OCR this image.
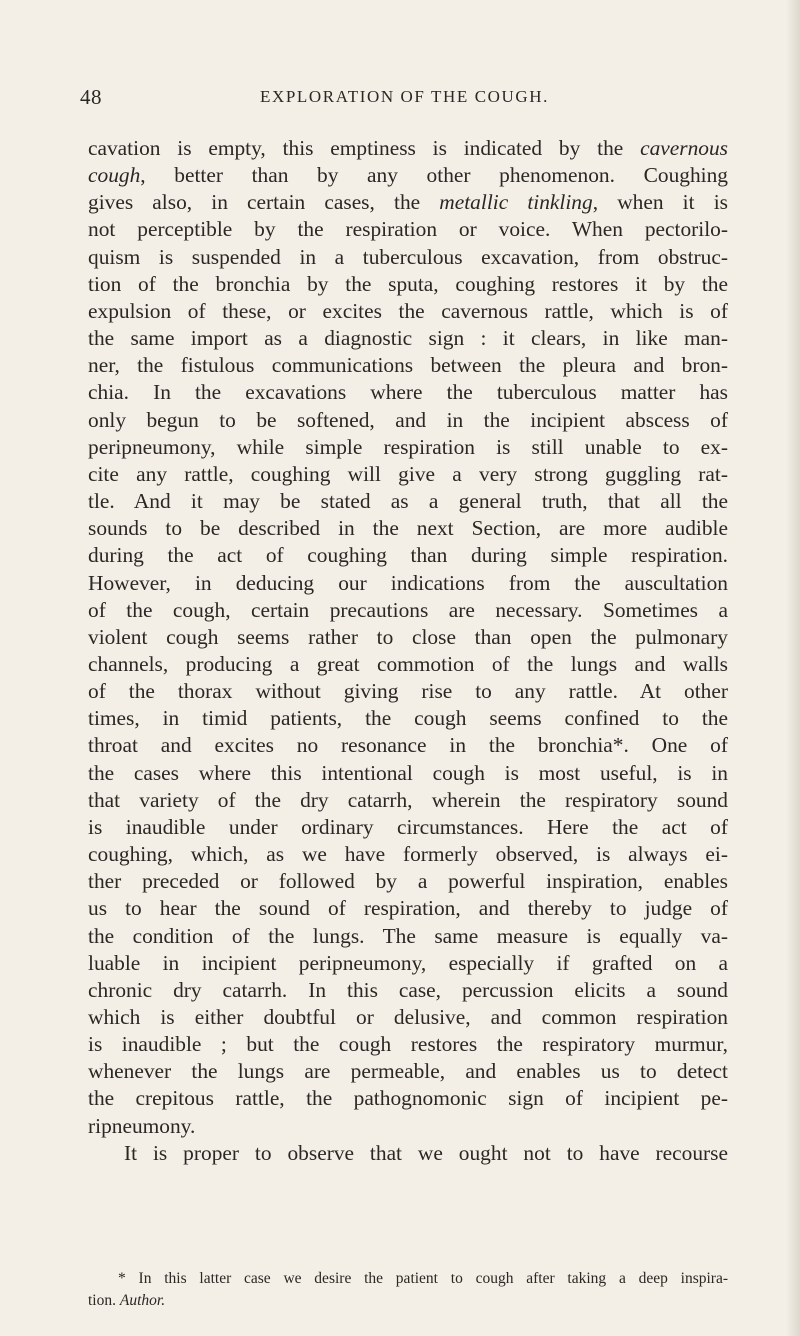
48	EXPLORATION OF THE COUGH.
cavation is empty, this emptiness is indicated by the cavernous
cough, better than by any other phenomenon. Coughing
gives also, in certain cases, the metallic tinkling, when it is
not perceptible by the respiration or voice. When pectorilo-
quism is suspended in a tuberculous excavation, from obstruc-
tion of the bronchia by the sputa, coughing restores it by the
expulsion of these, or excites the cavernous rattle, which is of
the same import as a diagnostic sign : it clears, in like man-
ner, the fistulous communications between the pleura and bron-
chia. In the excavations where the tuberculous matter has
only begun to be softened, and in the incipient abscess of
peripneumony, while simple respiration is still unable to ex-
cite any rattle, coughing will give a very strong guggling rat-
tle. And it may be stated as a general truth, that all the
sounds to be described in the next Section, are more audible
during the act of coughing than during simple respiration.
However, in deducing our indications from the auscultation
of the cough, certain precautions are necessary. Sometimes a
violent cough seems rather to close than open the pulmonary
channels, producing a great commotion of the lungs and walls
of the thorax without giving rise to any rattle. At other
times, in timid patients, the cough seems confined to the
throat and excites no resonance in the bronchia*. One of
the cases where this intentional cough is most useful, is in
that variety of the dry catarrh, wherein the respiratory sound
is inaudible under ordinary circumstances. Here the act of
coughing, which, as we have formerly observed, is always ei-
ther preceded or followed by a powerful inspiration, enables
us to hear the sound of respiration, and thereby to judge of
the condition of the lungs. The same measure is equally va-
luable in incipient peripneumony, especially if grafted on a
chronic dry catarrh. In this case, percussion elicits a sound
which is either doubtful or delusive, and common respiration
is inaudible ; but the cough restores the respiratory murmur,
whenever the lungs are permeable, and enables us to detect
the crepitous rattle, the pathognomonic sign of incipient pe-
ripneumony.
It is proper to observe that we ought not to have recourse
* In this latter case we desire the patient to cough after taking a deep inspira-
tion. Author.
